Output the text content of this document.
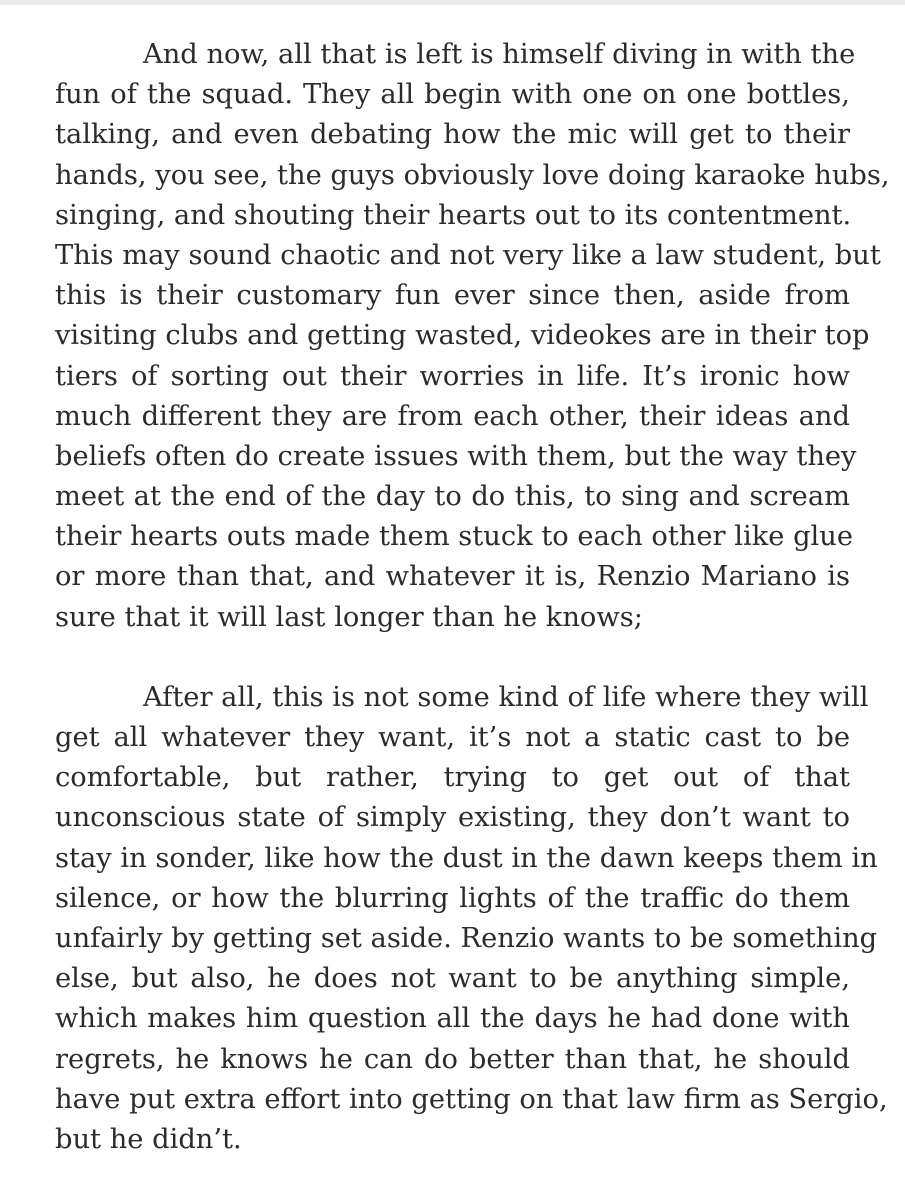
And now, all that is left is himself diving in with the
fun of the squad. They all begin with one on one bottles,
talking, and even debating how the mic will get to their
hands, you see, the guys obviously love doing karaoke hubs,
singing, and shouting their hearts out to its contentment.
This may sound chaotic and not very like a law student, but
this is their customary fun ever since then, aside from
visiting clubs and getting wasted, videokes are in their top
tiers of sorting out their worries in life. It’s ironic how
much different they are from each other, their ideas and
beliefs often do create issues with them, but the way they
meet at the end of the day to do this, to sing and scream
their hearts outs made them stuck to each other like glue
or more than that, and whatever it is, Renzio Mariano is
sure that it will last longer than he knows;
After all, this is not some kind of life where they will
get all whatever they want, it’s not a static cast to be
comfortable, but rather, trying to get out of that
unconscious state of simply existing, they don’t want to
stay in sonder, like how the dust in the dawn keeps them in
silence, or how the blurring lights of the traffic do them
unfairly by getting set aside. Renzio wants to be something
else, but also, he does not want to be anything simple,
which makes him question all the days he had done with
regrets, he knows he can do better than that, he should
have put extra effort into getting on that law firm as Sergio,
but he didn’t.
